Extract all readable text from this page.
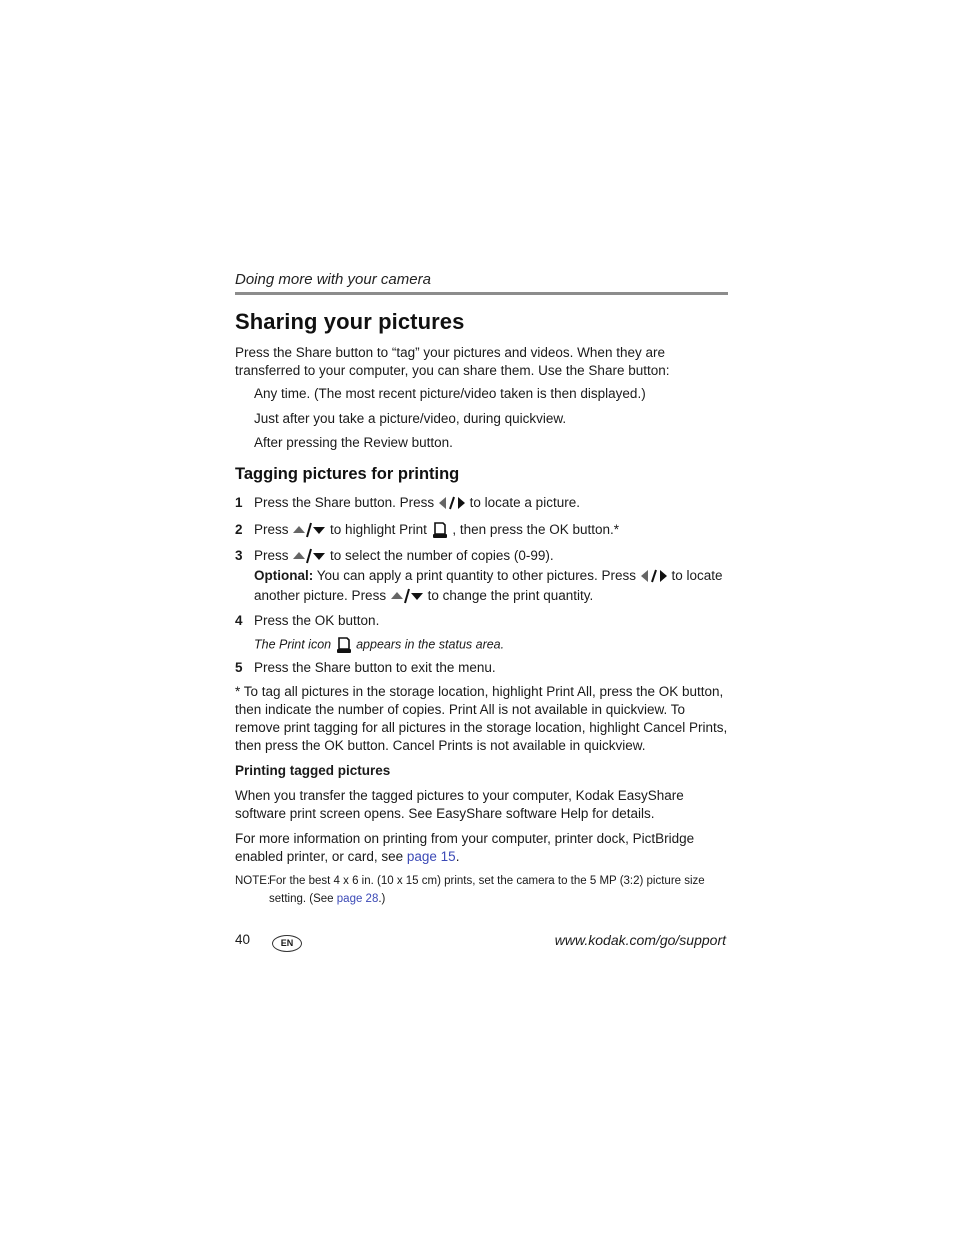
Doing more with your camera
Sharing your pictures
Press the Share button to “tag” your pictures and videos. When they are transferred to your computer, you can share them. Use the Share button:
Any time. (The most recent picture/video taken is then displayed.)
Just after you take a picture/video, during quickview.
After pressing the Review button.
Tagging pictures for printing
1 Press the Share button. Press	to locate a picture.
2 Press	to highlight Print , then press the OK button.*
3 Press	to select the number of copies (0-99).
Optional: You can apply a print quantity to other pictures. Press	to locate another picture. Press	to change the print quantity.
4 Press the OK button.
The Print icon appears in the status area.
5 Press the Share button to exit the menu.
* To tag all pictures in the storage location, highlight Print All, press the OK button, then indicate the number of copies. Print All is not available in quickview. To remove print tagging for all pictures in the storage location, highlight Cancel Prints, then press the OK button. Cancel Prints is not available in quickview.
Printing tagged pictures
When you transfer the tagged pictures to your computer, Kodak EasyShare software print screen opens. See EasyShare software Help for details.
For more information on printing from your computer, printer dock, PictBridge enabled printer, or card, see page 15.
NOTE:
For the best 4 x 6 in. (10 x 15 cm) prints, set the camera to the 5 MP (3:2) picture size setting. (See page 28.)
40	EN	www.kodak.com/go/support
